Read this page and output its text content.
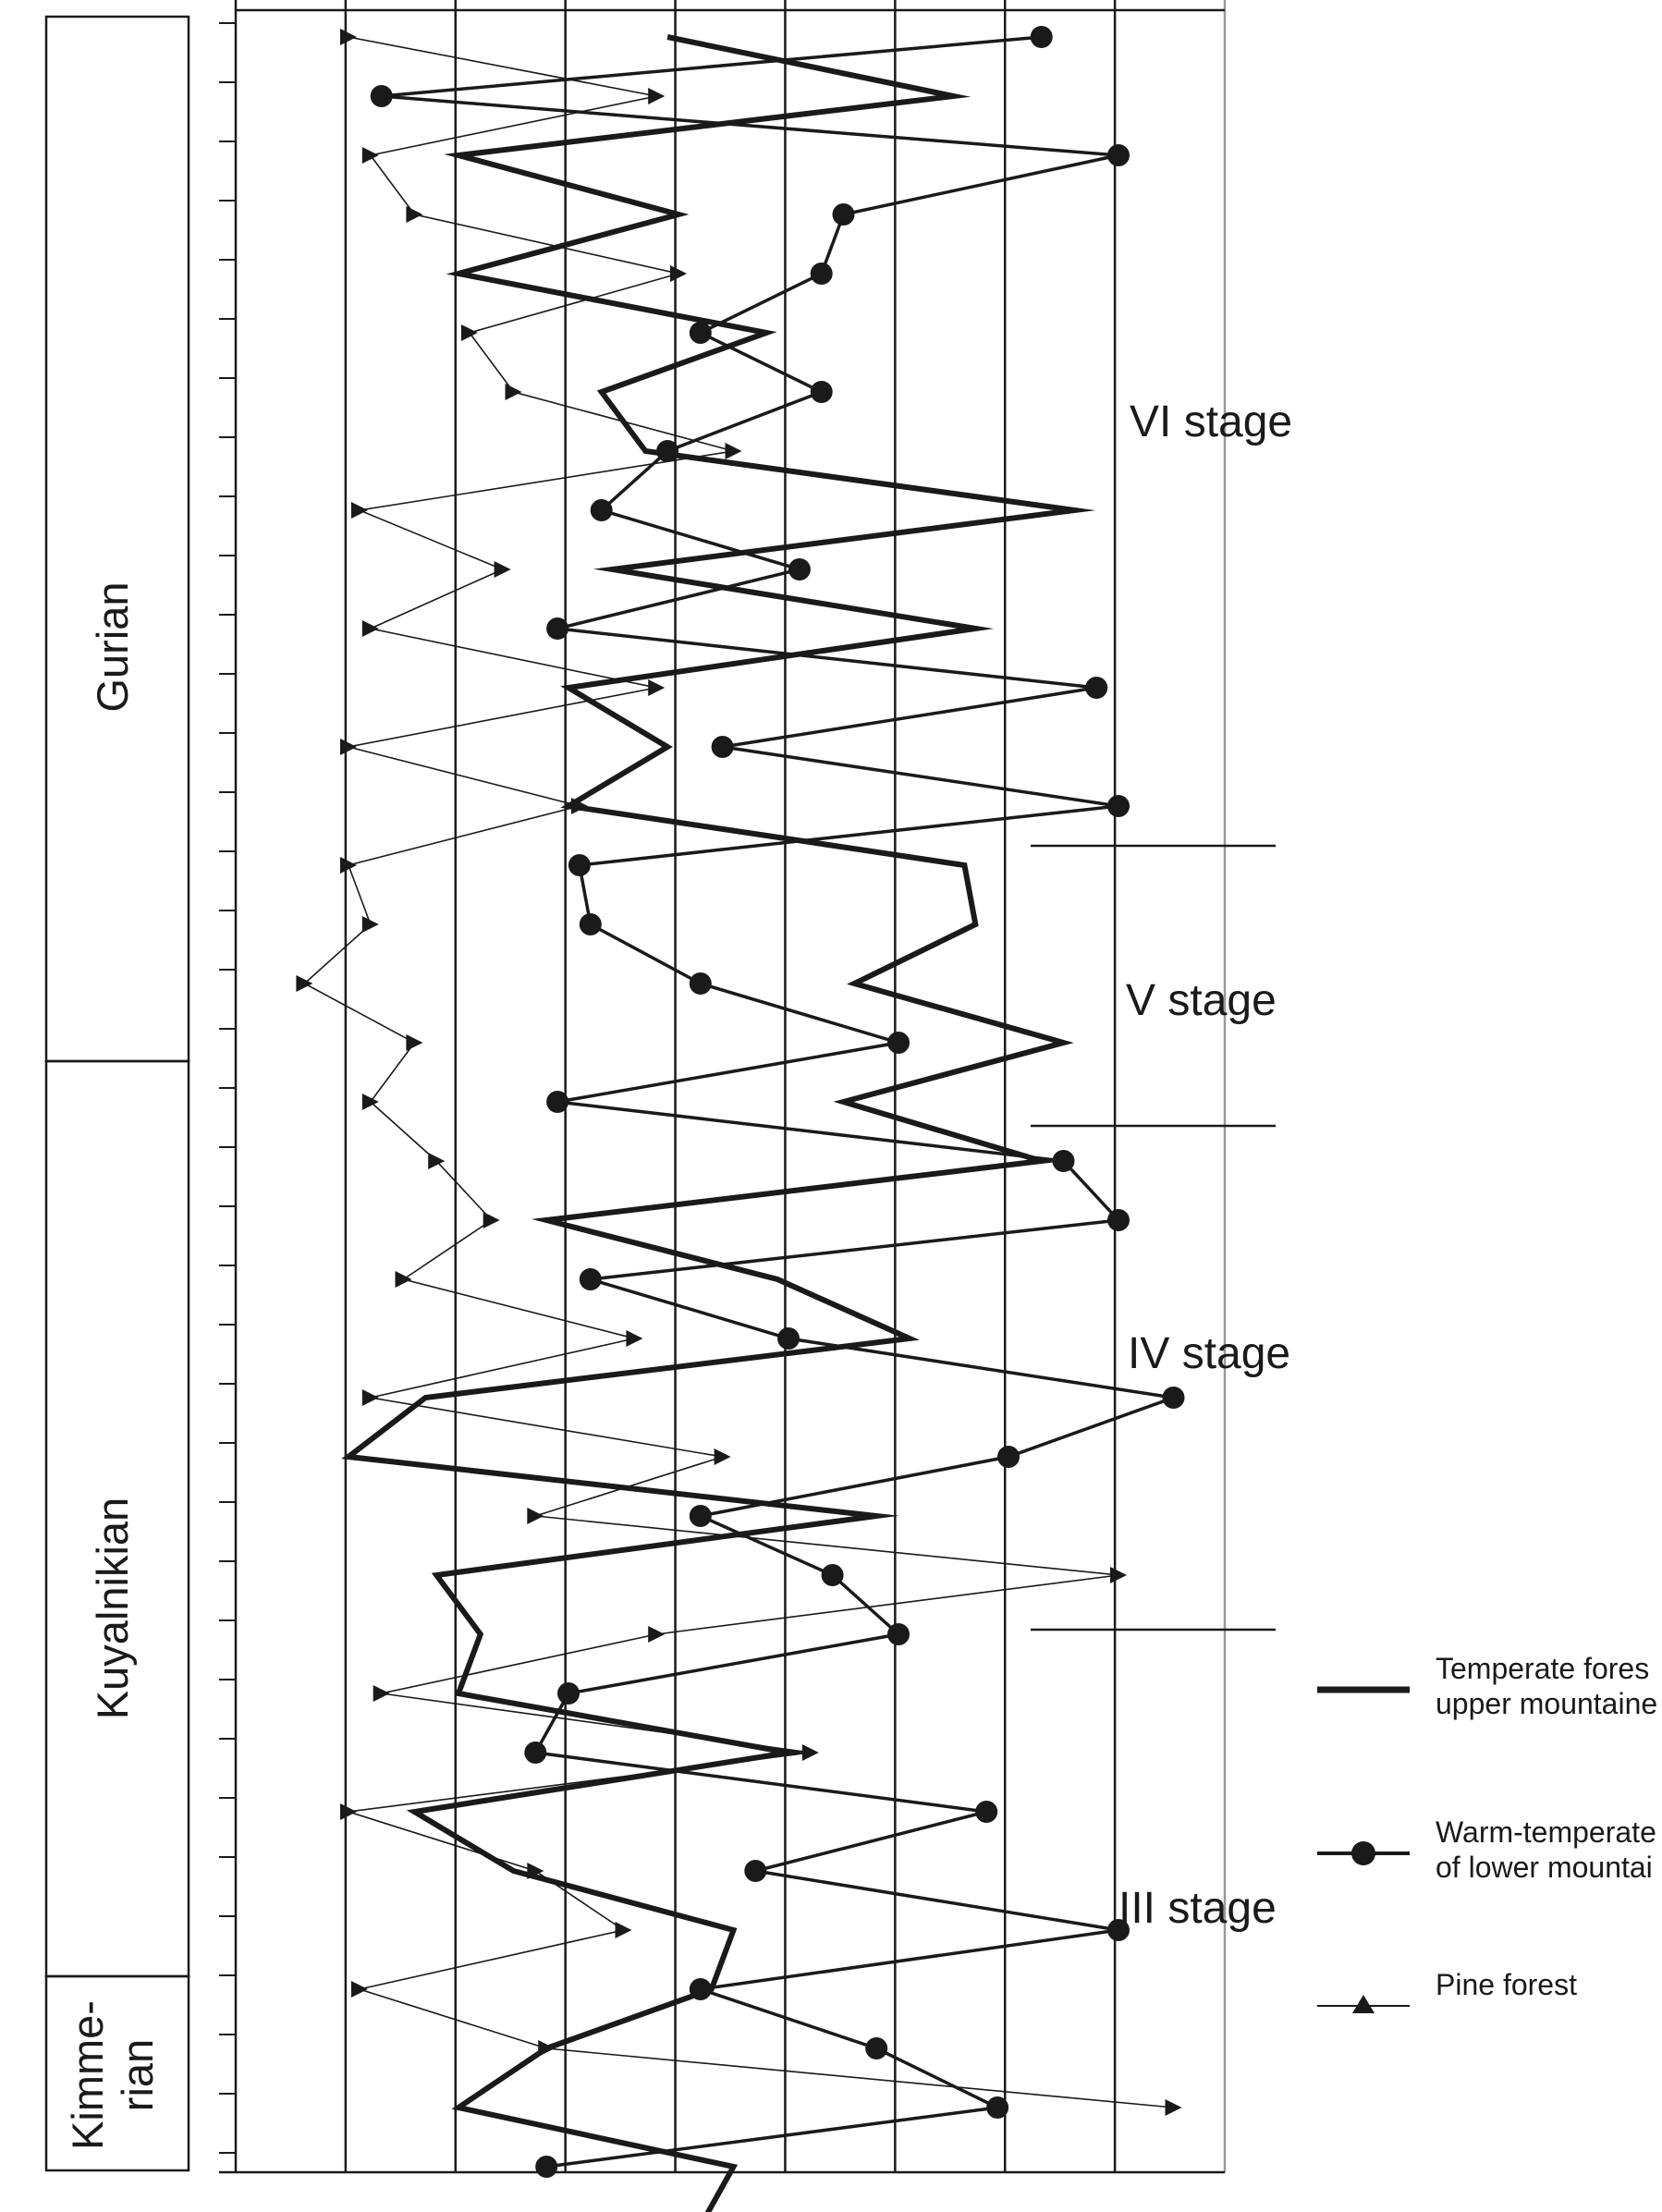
Gurian
Kuyalnikian
Kimme-rian
VI stage
V stage
IV stage
III stage
Temperate fores upper mountaine
Warm-temperate of lower mountai
Pine forest
